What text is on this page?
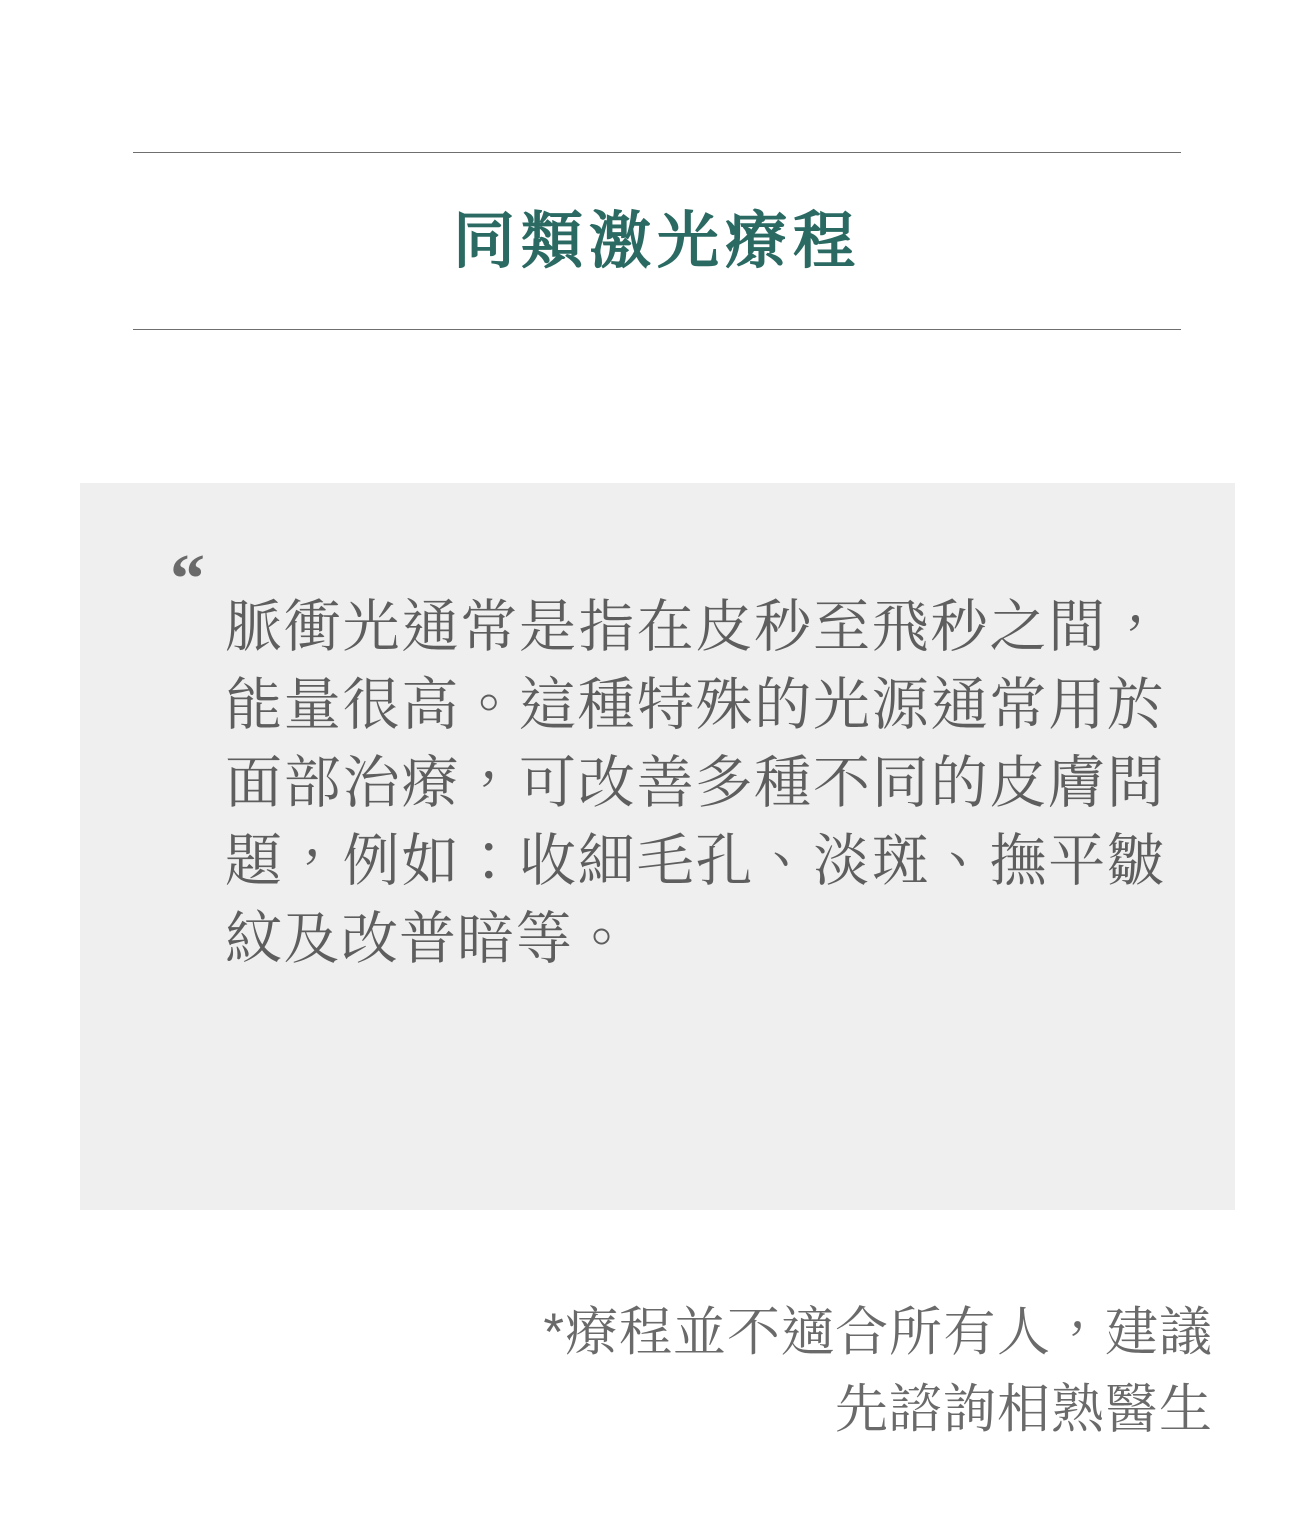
同類激光療程
“
脈衝光通常是指在皮秒至飛秒之間，能量很高。這種特殊的光源通常用於面部治療，可改善多種不同的皮膚問題，例如：收細毛孔、淡斑、撫平皺紋及改普暗等。
*療程並不適合所有人，建議
先諮詢相熟醫生
